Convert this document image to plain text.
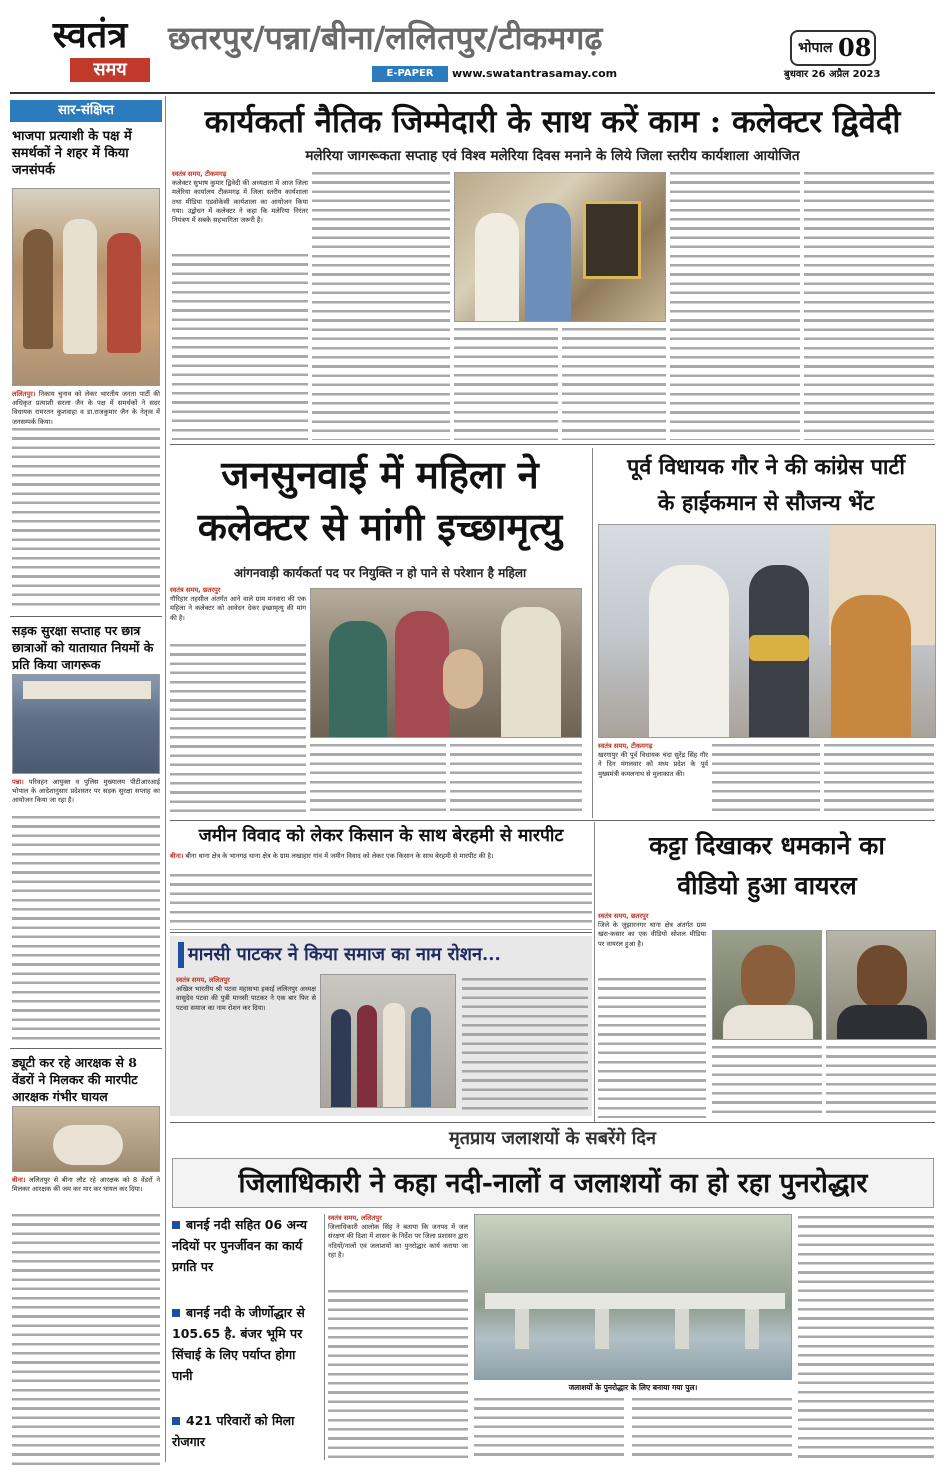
स्वतंत्र
समय
छतरपुर/पन्ना/बीना/ललितपुर/टीकमगढ़	भोपाल 08
E-PAPER	www.swatantrasamay.com	बुधवार 26 अप्रैल 2023
सार-संक्षिप्त
भाजपा प्रत्याशी के पक्ष में समर्थकों ने शहर में किया जनसंपर्क
ललितपुर। निकाय चुनाव को लेकर भारतीय जनता पार्टी की अधिकृत प्रत्याशी सरला जैन के पक्ष में समर्थकों ने सदर विधायक रामरतन कुशवाहा व डा.राजकुमार जैन के नेतृत्व में जनसम्पर्क किया।
सड़क सुरक्षा सप्ताह पर छात्र छात्राओं को यातायात नियमों के प्रति किया जागरूक
पन्ना। परिवहन आयुक्त व पुलिस मुख्यालय पीटीआरआई भोपाल के आदेशानुसार प्रदेशस्तर पर सड़क सुरक्षा सप्ताह का आयोजन किया जा रहा है।
ड्यूटी कर रहे आरक्षक से 8 वेंडरों ने मिलकर की मारपीट आरक्षक गंभीर घायल
बीना। ललितपुर से बीना लौट रहे आरक्षक को 8 वेंडरों ने मिलकर आरक्षक की जम कर मार कर घायल कर दिया।
कार्यकर्ता नैतिक जिम्मेदारी के साथ करें काम : कलेक्टर द्विवेदी
मलेरिया जागरूकता सप्ताह एवं विश्व मलेरिया दिवस मनाने के लिये जिला स्तरीय कार्यशाला आयोजित
स्वतंत्र समय, टीकमगढ़
कलेक्टर सुभाष कुमार द्विवेदी की अध्यक्षता में आज जिला मलेरिया कार्यालय टीकमगढ़ में जिला स्तरीय कार्यशाला तथा मीडिया एडवोकेसी कार्यशाला का आयोजन किया गया। उद्बोधन में कलेक्टर ने कहा कि मलेरिया निरंतर नियंत्रण में सबके सहभागिता जरूरी है।
जनसुनवाई में महिला ने
कलेक्टर से मांगी इच्छामृत्यु
आंगनवाड़ी कार्यकर्ता पद पर नियुक्ति न हो पाने से परेशान है महिला
स्वतंत्र समय, छतरपुर
गौरिहार तहसील अंतर्गत आने वाले ग्राम मनवारा की एक महिला ने कलेक्टर को आवेदन देकर इच्छामृत्यु की मांग की है।
पूर्व विधायक गौर ने की कांग्रेस पार्टी
के हाईकमान से सौजन्य भेंट
स्वतंत्र समय, टीकमगढ़
खरगापुर की पूर्व विधायक चंदा सुरेंद्र सिंह गौर ने दिन मंगलवार को मध्य प्रदेश के पूर्व मुख्यमंत्री कमलनाथ से मुलाकात की।
जमीन विवाद को लेकर किसान के साथ बेरहमी से मारपीट
बीना। बीना थाना क्षेत्र के भानगढ़ थाना क्षेत्र के ग्राम लखाहार गांव में जमीन विवाद को लेकर एक किसान के साथ बेरहमी से मारपीट की है।
मानसी पाटकर ने किया समाज का नाम रोशन...
स्वतंत्र समय, ललितपुर
अखिल भारतीय श्री पटवा महासभा इकाई ललितपुर अध्यक्ष वासुदेव पटवा की पुत्री मानसी पाटकर ने एक बार फिर से पटवा समाज का नाम रोशन कर दिया।
कट्टा दिखाकर धमकाने का
वीडियो हुआ वायरल
स्वतंत्र समय, छतरपुर
जिले के जुझारनगर थाना क्षेत्र अंतर्गत ग्राम खरा-कसार का एक वीडियो सोशल मीडिया पर वायरल हुआ है।
मृतप्राय जलाशयों के सबरेंगे दिन
जिलाधिकारी ने कहा नदी-नालों व जलाशयों का हो रहा पुनरोद्धार
बानई नदी सहित 06 अन्य नदियों पर पुनर्जीवन का कार्य प्रगति पर
बानई नदी के जीर्णोद्धार से 105.65 है. बंजर भूमि पर सिंचाई के लिए पर्याप्त होगा पानी
421 परिवारों को मिला रोजगार
स्वतंत्र समय, ललितपुर
जिलाधिकारी आलोक सिंह ने बताया कि जनपद में जल संरक्षण की दिशा में शासन के निर्देश पर जिला प्रशासन द्वारा नदियों/नालों एवं जलाशयों का पुनरोद्धार कार्य कराया जा रहा है।
जलाशयों के पुनरोद्धार के लिए बनाया गया पुल।
